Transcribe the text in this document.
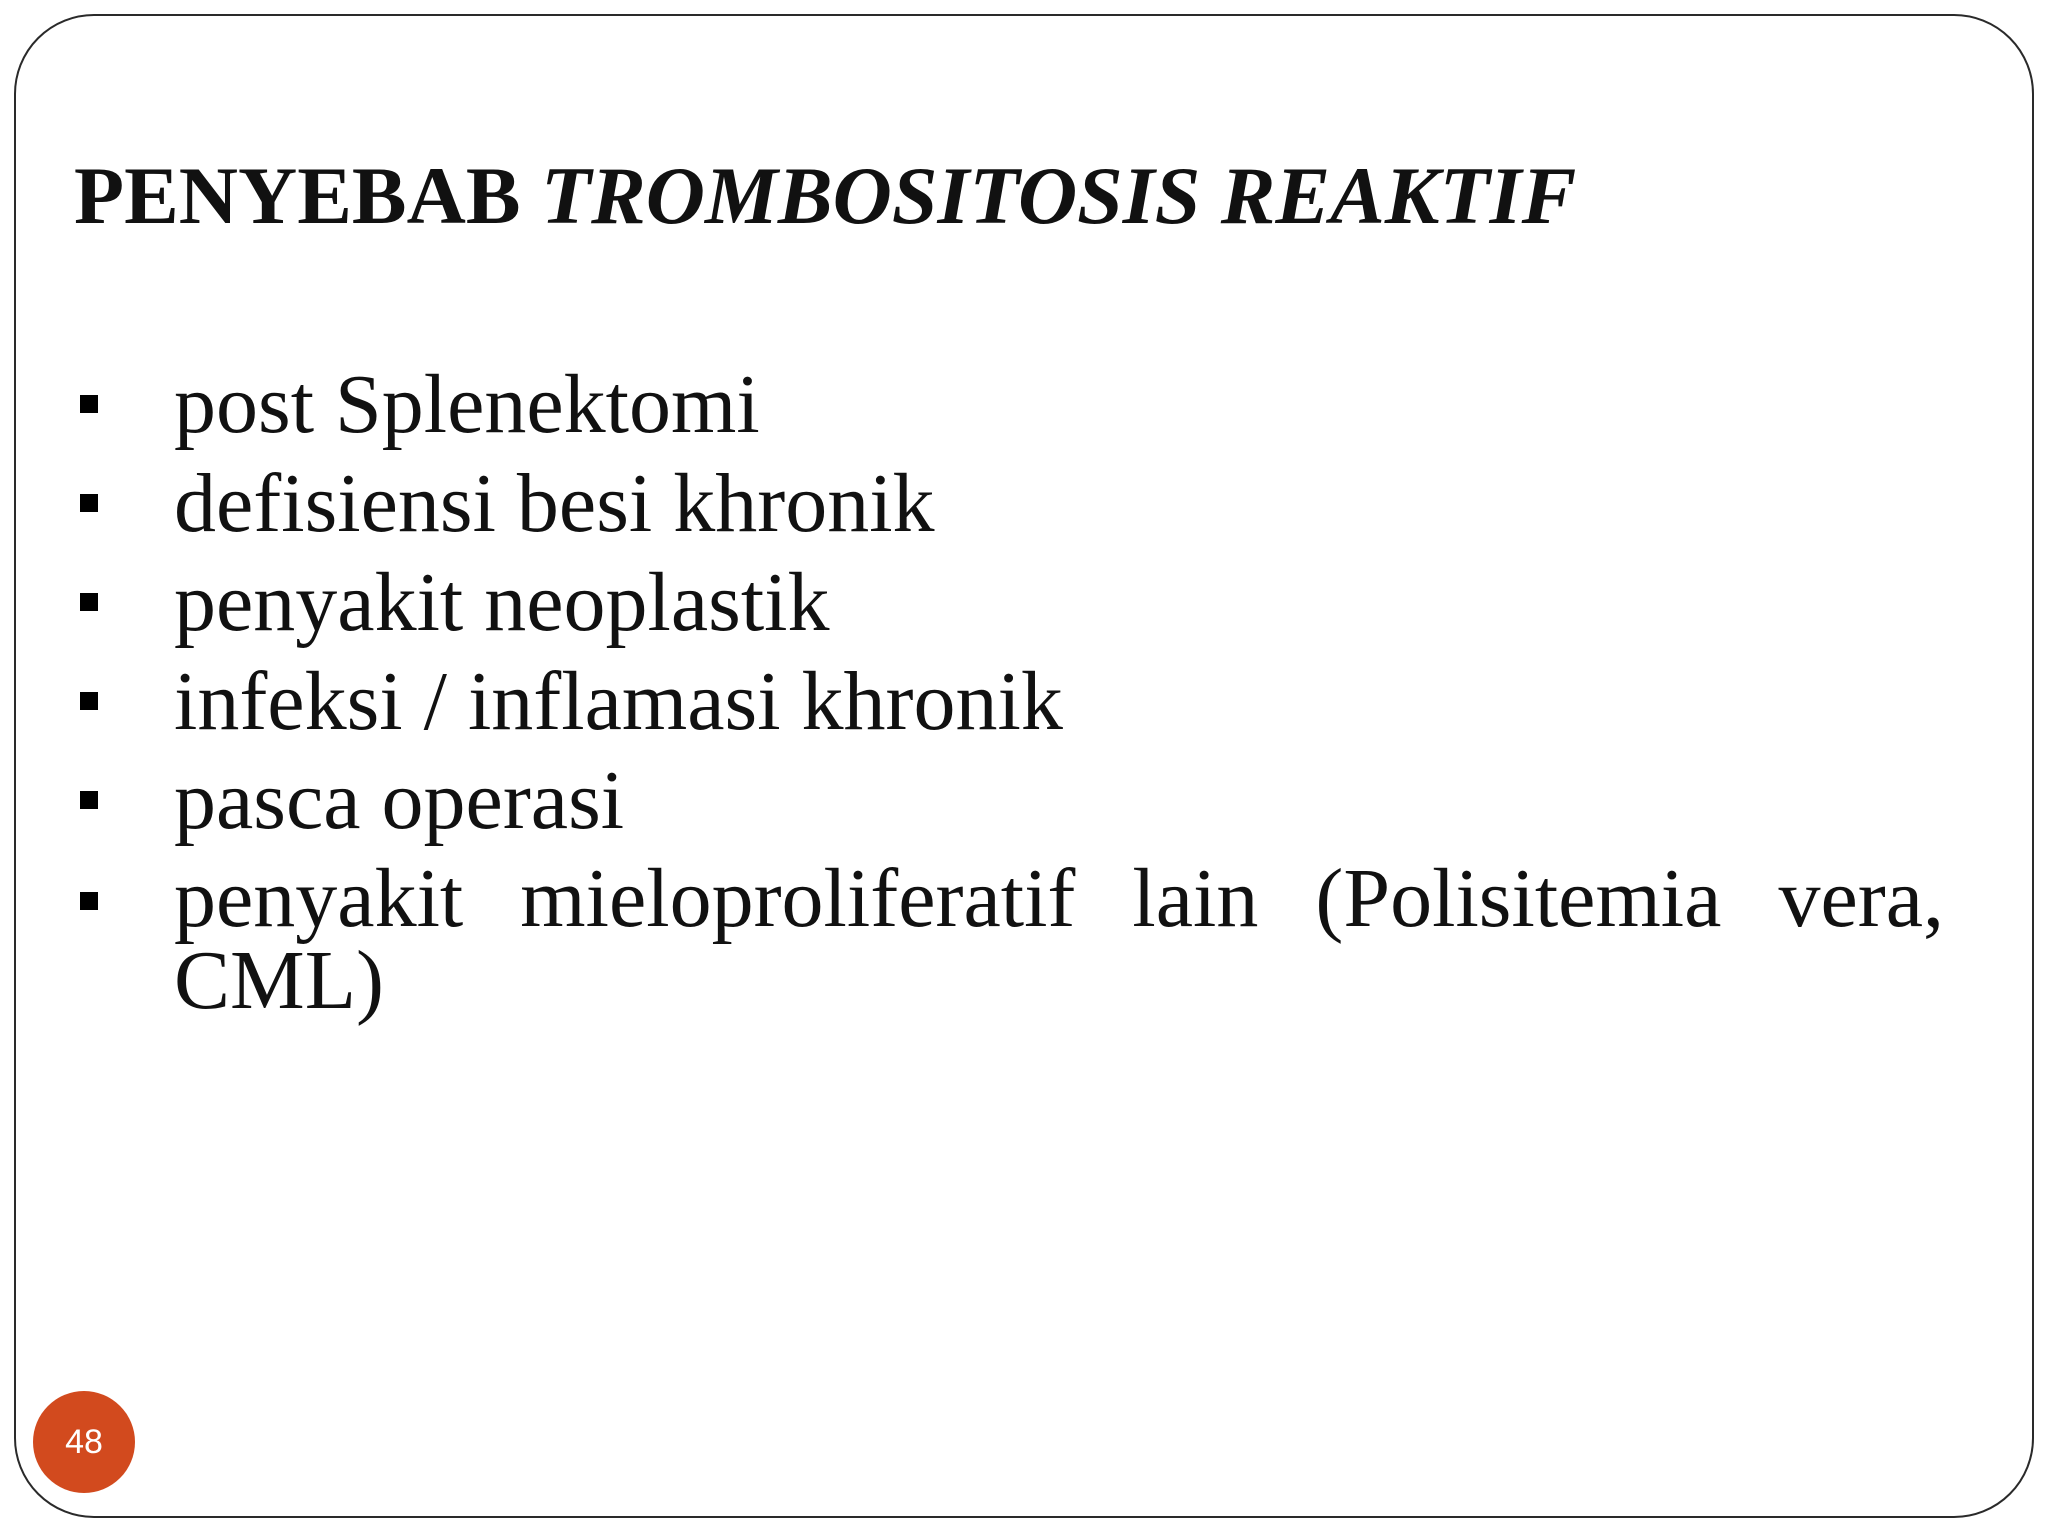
PENYEBAB TROMBOSITOSIS REAKTIF
post Splenektomi
defisiensi besi khronik
penyakit neoplastik
infeksi / inflamasi khronik
pasca operasi
penyakit mieloproliferatif lain (Polisitemia vera, CML)
48
